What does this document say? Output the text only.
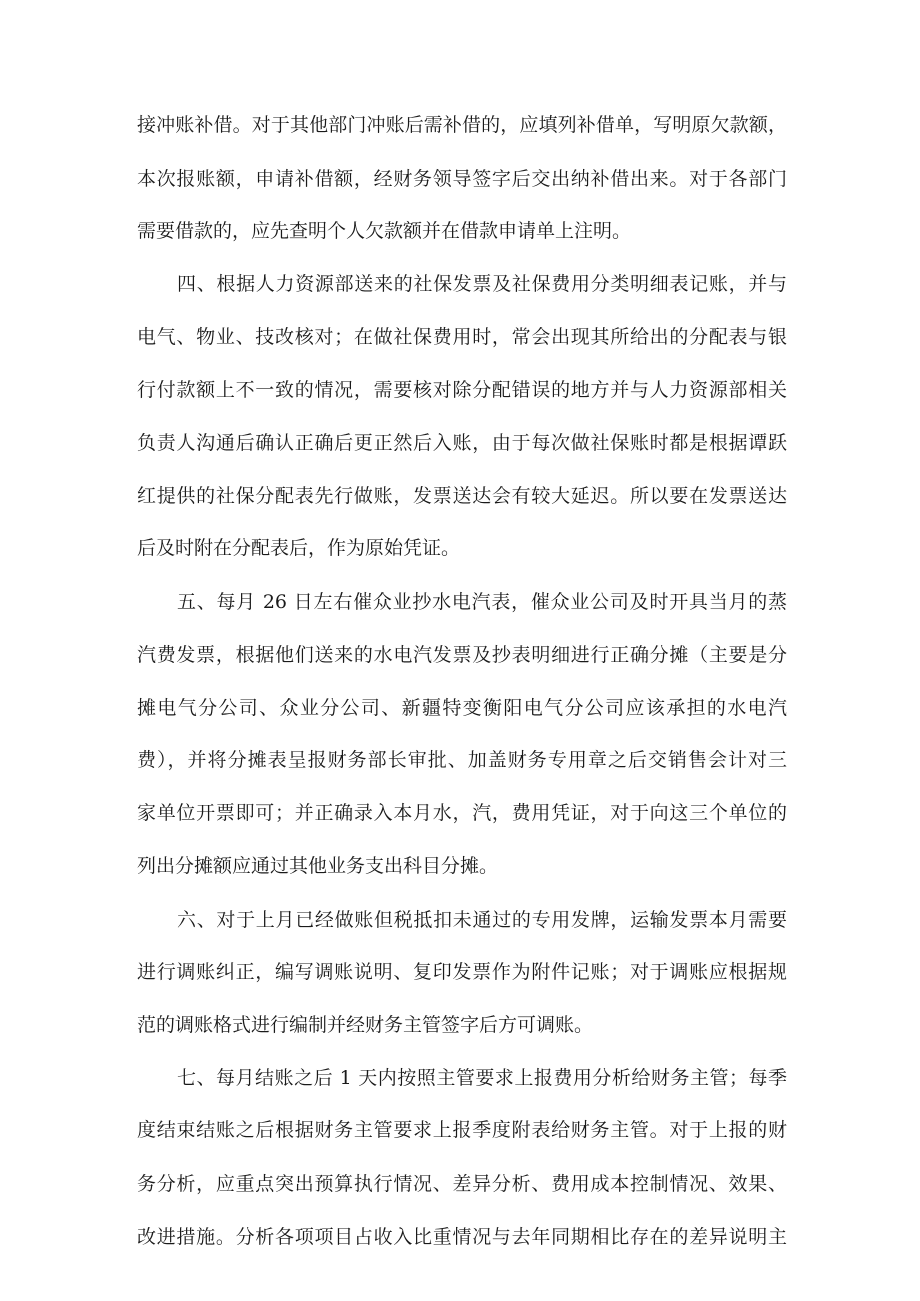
接冲账补借。对于其他部门冲账后需补借的，应填列补借单，写明原欠款额，
本次报账额，申请补借额，经财务领导签字后交出纳补借出来。对于各部门
需要借款的，应先查明个人欠款额并在借款申请单上注明。
四、根据人力资源部送来的社保发票及社保费用分类明细表记账，并与
电气、物业、技改核对；在做社保费用时，常会出现其所给出的分配表与银
行付款额上不一致的情况，需要核对除分配错误的地方并与人力资源部相关
负责人沟通后确认正确后更正然后入账，由于每次做社保账时都是根据谭跃
红提供的社保分配表先行做账，发票送达会有较大延迟。所以要在发票送达
后及时附在分配表后，作为原始凭证。
五、每月 26 日左右催众业抄水电汽表，催众业公司及时开具当月的蒸
汽费发票，根据他们送来的水电汽发票及抄表明细进行正确分摊（主要是分
摊电气分公司、众业分公司、新疆特变衡阳电气分公司应该承担的水电汽
费），并将分摊表呈报财务部长审批、加盖财务专用章之后交销售会计对三
家单位开票即可；并正确录入本月水，汽，费用凭证，对于向这三个单位的
列出分摊额应通过其他业务支出科目分摊。
六、对于上月已经做账但税抵扣未通过的专用发牌，运输发票本月需要
进行调账纠正，编写调账说明、复印发票作为附件记账；对于调账应根据规
范的调账格式进行编制并经财务主管签字后方可调账。
七、每月结账之后 1 天内按照主管要求上报费用分析给财务主管；每季
度结束结账之后根据财务主管要求上报季度附表给财务主管。对于上报的财
务分析，应重点突出预算执行情况、差异分析、费用成本控制情况、效果、
改进措施。分析各项项目占收入比重情况与去年同期相比存在的差异说明主
